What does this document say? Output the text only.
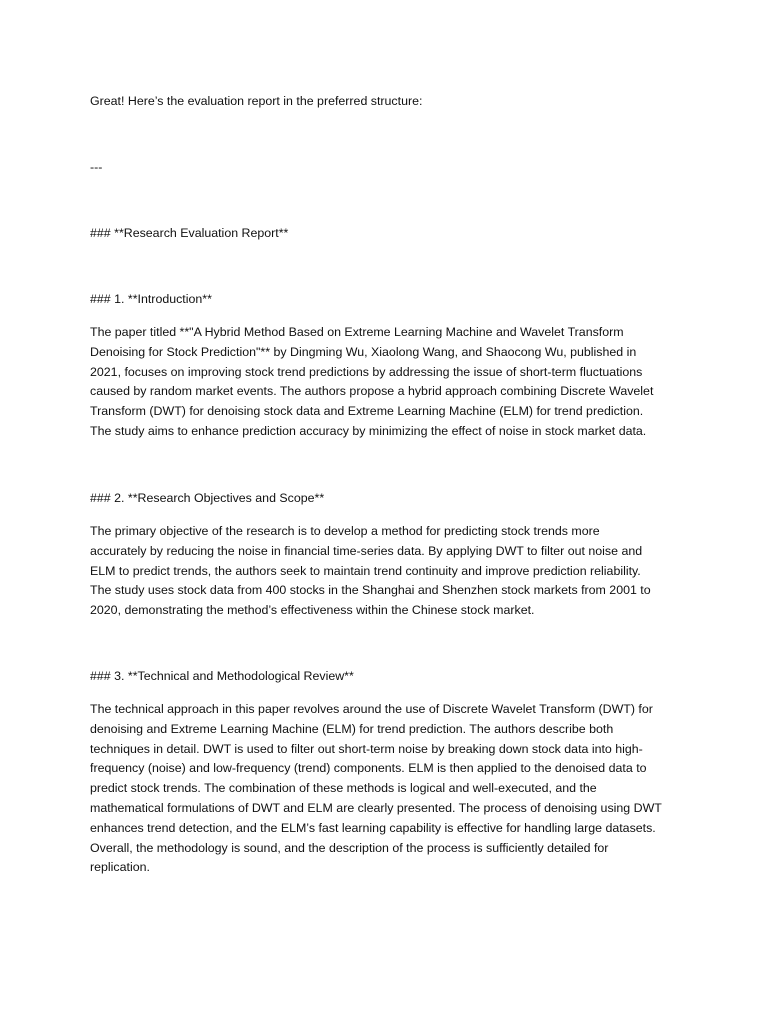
Great! Here’s the evaluation report in the preferred structure:

---

### **Research Evaluation Report**

### 1. **Introduction**

The paper titled **"A Hybrid Method Based on Extreme Learning Machine and Wavelet Transform
Denoising for Stock Prediction"** by Dingming Wu, Xiaolong Wang, and Shaocong Wu, published in
2021, focuses on improving stock trend predictions by addressing the issue of short-term fluctuations
caused by random market events. The authors propose a hybrid approach combining Discrete Wavelet
Transform (DWT) for denoising stock data and Extreme Learning Machine (ELM) for trend prediction.
The study aims to enhance prediction accuracy by minimizing the effect of noise in stock market data.

### 2. **Research Objectives and Scope**

The primary objective of the research is to develop a method for predicting stock trends more
accurately by reducing the noise in financial time-series data. By applying DWT to filter out noise and
ELM to predict trends, the authors seek to maintain trend continuity and improve prediction reliability.
The study uses stock data from 400 stocks in the Shanghai and Shenzhen stock markets from 2001 to
2020, demonstrating the method’s effectiveness within the Chinese stock market.

### 3. **Technical and Methodological Review**

The technical approach in this paper revolves around the use of Discrete Wavelet Transform (DWT) for
denoising and Extreme Learning Machine (ELM) for trend prediction. The authors describe both
techniques in detail. DWT is used to filter out short-term noise by breaking down stock data into high-
frequency (noise) and low-frequency (trend) components. ELM is then applied to the denoised data to
predict stock trends. The combination of these methods is logical and well-executed, and the
mathematical formulations of DWT and ELM are clearly presented. The process of denoising using DWT
enhances trend detection, and the ELM’s fast learning capability is effective for handling large datasets.
Overall, the methodology is sound, and the description of the process is sufficiently detailed for
replication.
